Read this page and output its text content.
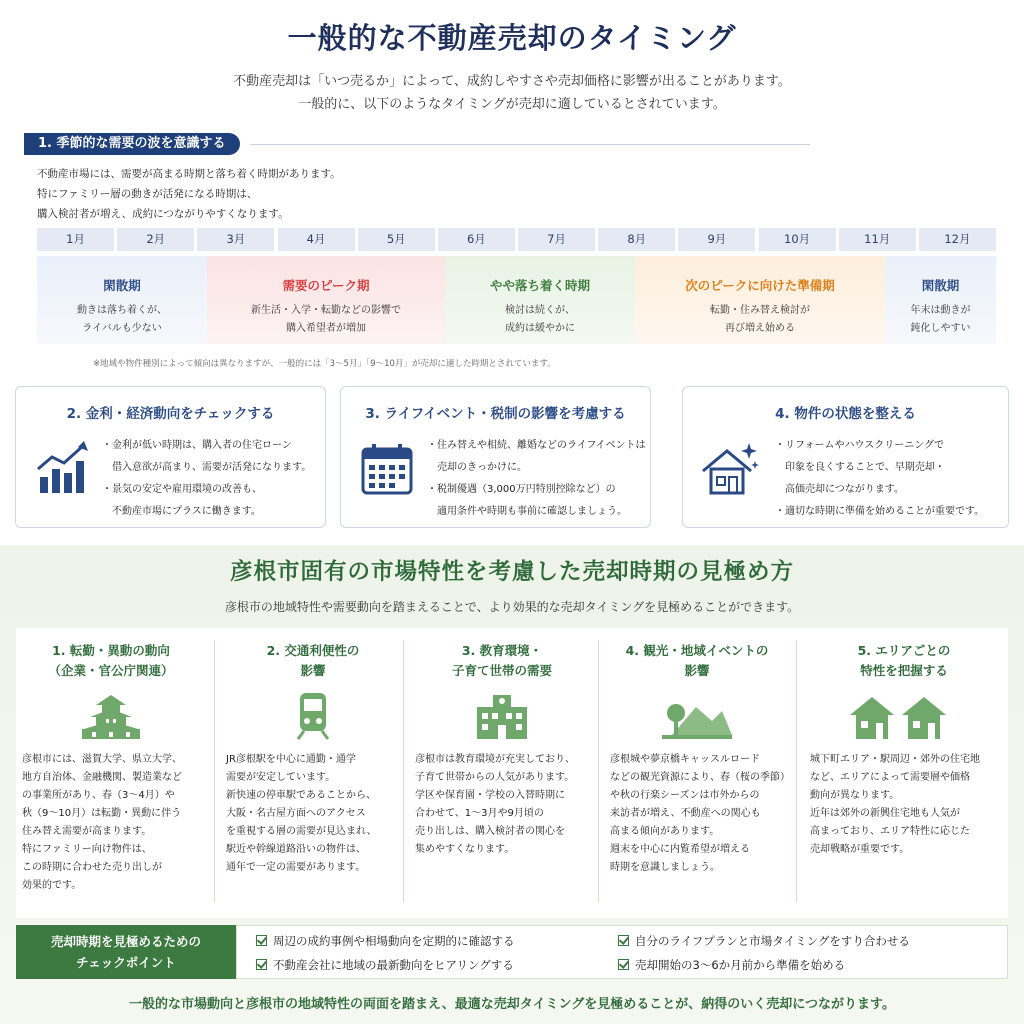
一般的な不動産売却のタイミング
不動産売却は「いつ売るか」によって、成約しやすさや売却価格に影響が出ることがあります。
一般的に、以下のようなタイミングが売却に適しているとされています。
1. 季節的な需要の波を意識する
不動産市場には、需要が高まる時期と落ち着く時期があります。
特にファミリー層の動きが活発になる時期は、
購入検討者が増え、成約につながりやすくなります。
1月	2月	3月	4月	5月	6月	7月	8月	9月	10月	11月	12月
閑散期
動きは落ち着くが、
ライバルも少ない
需要のピーク期
新生活・入学・転勤などの影響で
購入希望者が増加
やや落ち着く時期
検討は続くが、
成約は緩やかに
次のピークに向けた準備期
転勤・住み替え検討が
再び増え始める
閑散期
年末は動きが
鈍化しやすい
※地域や物件種別によって傾向は異なりますが、一般的には「3～5月」「9～10月」が売却に適した時期とされています。
2. 金利・経済動向をチェックする
・金利が低い時期は、購入者の住宅ローン
　借入意欲が高まり、需要が活発になります。
・景気の安定や雇用環境の改善も、
　不動産市場にプラスに働きます。
3. ライフイベント・税制の影響を考慮する
・住み替えや相続、離婚などのライフイベントは
　売却のきっかけに。
・税制優遇（3,000万円特別控除など）の
　適用条件や時期も事前に確認しましょう。
4. 物件の状態を整える
・リフォームやハウスクリーニングで
　印象を良くすることで、早期売却・
　高価売却につながります。
・適切な時期に準備を始めることが重要です。
彦根市固有の市場特性を考慮した売却時期の見極め方
彦根市の地域特性や需要動向を踏まえることで、より効果的な売却タイミングを見極めることができます。
1. 転勤・異動の動向
（企業・官公庁関連）
彦根市には、滋賀大学、県立大学、
地方自治体、金融機関、製造業など
の事業所があり、春（3～4月）や
秋（9～10月）は転勤・異動に伴う
住み替え需要が高まります。
特にファミリー向け物件は、
この時期に合わせた売り出しが
効果的です。
2. 交通利便性の
影響
JR彦根駅を中心に通勤・通学
需要が安定しています。
新快速の停車駅であることから、
大阪・名古屋方面へのアクセス
を重視する層の需要が見込まれ、
駅近や幹線道路沿いの物件は、
通年で一定の需要があります。
3. 教育環境・
子育て世帯の需要
彦根市は教育環境が充実しており、
子育て世帯からの人気があります。
学区や保育園・学校の入替時期に
合わせて、1～3月や9月頃の
売り出しは、購入検討者の関心を
集めやすくなります。
4. 観光・地域イベントの
影響
彦根城や夢京橋キャッスルロード
などの観光資源により、春（桜の季節）
や秋の行楽シーズンは市外からの
来訪者が増え、不動産への関心も
高まる傾向があります。
週末を中心に内覧希望が増える
時期を意識しましょう。
5. エリアごとの
特性を把握する
城下町エリア・駅周辺・郊外の住宅地
など、エリアによって需要層や価格
動向が異なります。
近年は郊外の新興住宅地も人気が
高まっており、エリア特性に応じた
売却戦略が重要です。
売却時期を見極めるための
チェックポイント
周辺の成約事例や相場動向を定期的に確認する	自分のライフプランと市場タイミングをすり合わせる
不動産会社に地域の最新動向をヒアリングする	売却開始の3～6か月前から準備を始める
一般的な市場動向と彦根市の地域特性の両面を踏まえ、最適な売却タイミングを見極めることが、納得のいく売却につながります。
